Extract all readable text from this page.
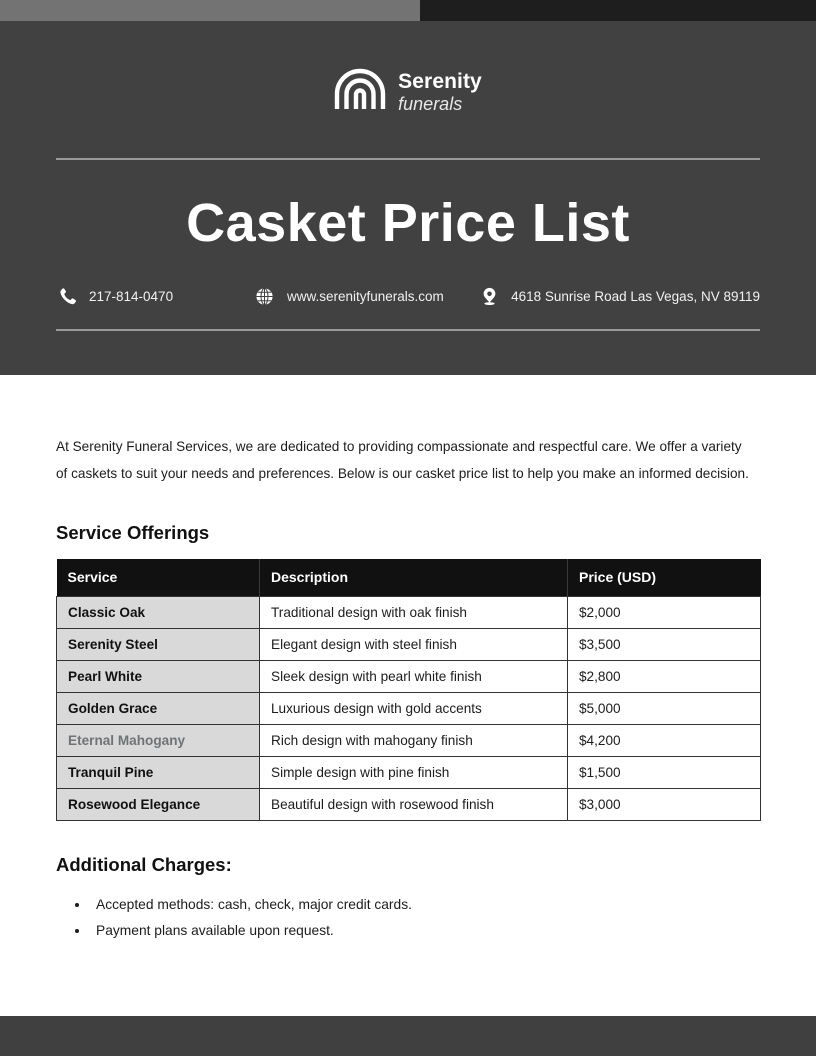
Serenity
funerals
Casket Price List
217-814-0470	www.serenityfunerals.com	4618 Sunrise Road Las Vegas, NV 89119

At Serenity Funeral Services, we are dedicated to providing compassionate and respectful care. We offer a variety of caskets to suit your needs and preferences. Below is our casket price list to help you make an informed decision.

Service Offerings
Service	Description	Price (USD)
Classic Oak	Traditional design with oak finish	$2,000
Serenity Steel	Elegant design with steel finish	$3,500
Pearl White	Sleek design with pearl white finish	$2,800
Golden Grace	Luxurious design with gold accents	$5,000
Eternal Mahogany	Rich design with mahogany finish	$4,200
Tranquil Pine	Simple design with pine finish	$1,500
Rosewood Elegance	Beautiful design with rosewood finish	$3,000
Additional Charges:
• Accepted methods: cash, check, major credit cards.
• Payment plans available upon request.
